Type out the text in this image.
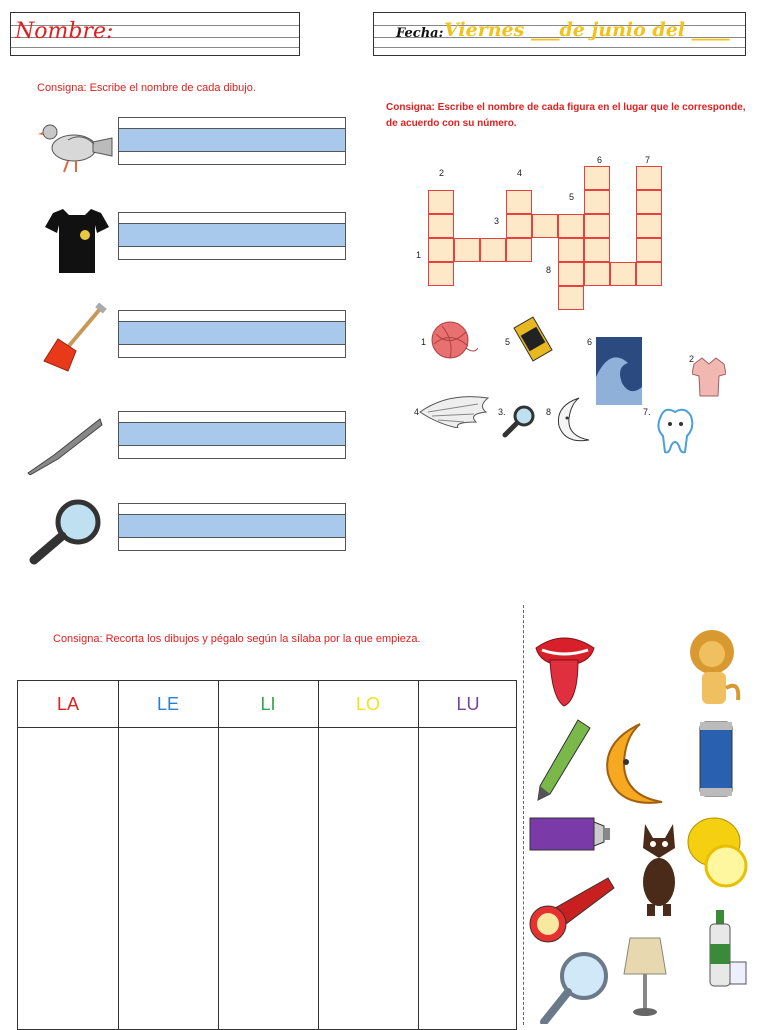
Nombre:	Fecha: Viernes ___de junio del ____
Consigna: Escribe el nombre de cada dibujo.
Consigna: Escribe el nombre de cada figura en el lugar que le corresponde,
de acuerdo con su número.
2	4
6	7
5
3
1
8
1	5	6
2
4	3.	8	7.
Consigna: Recorta los dibujos y pégalo según la sílaba por la que empieza.
LA	LE	LI	LO	LU
